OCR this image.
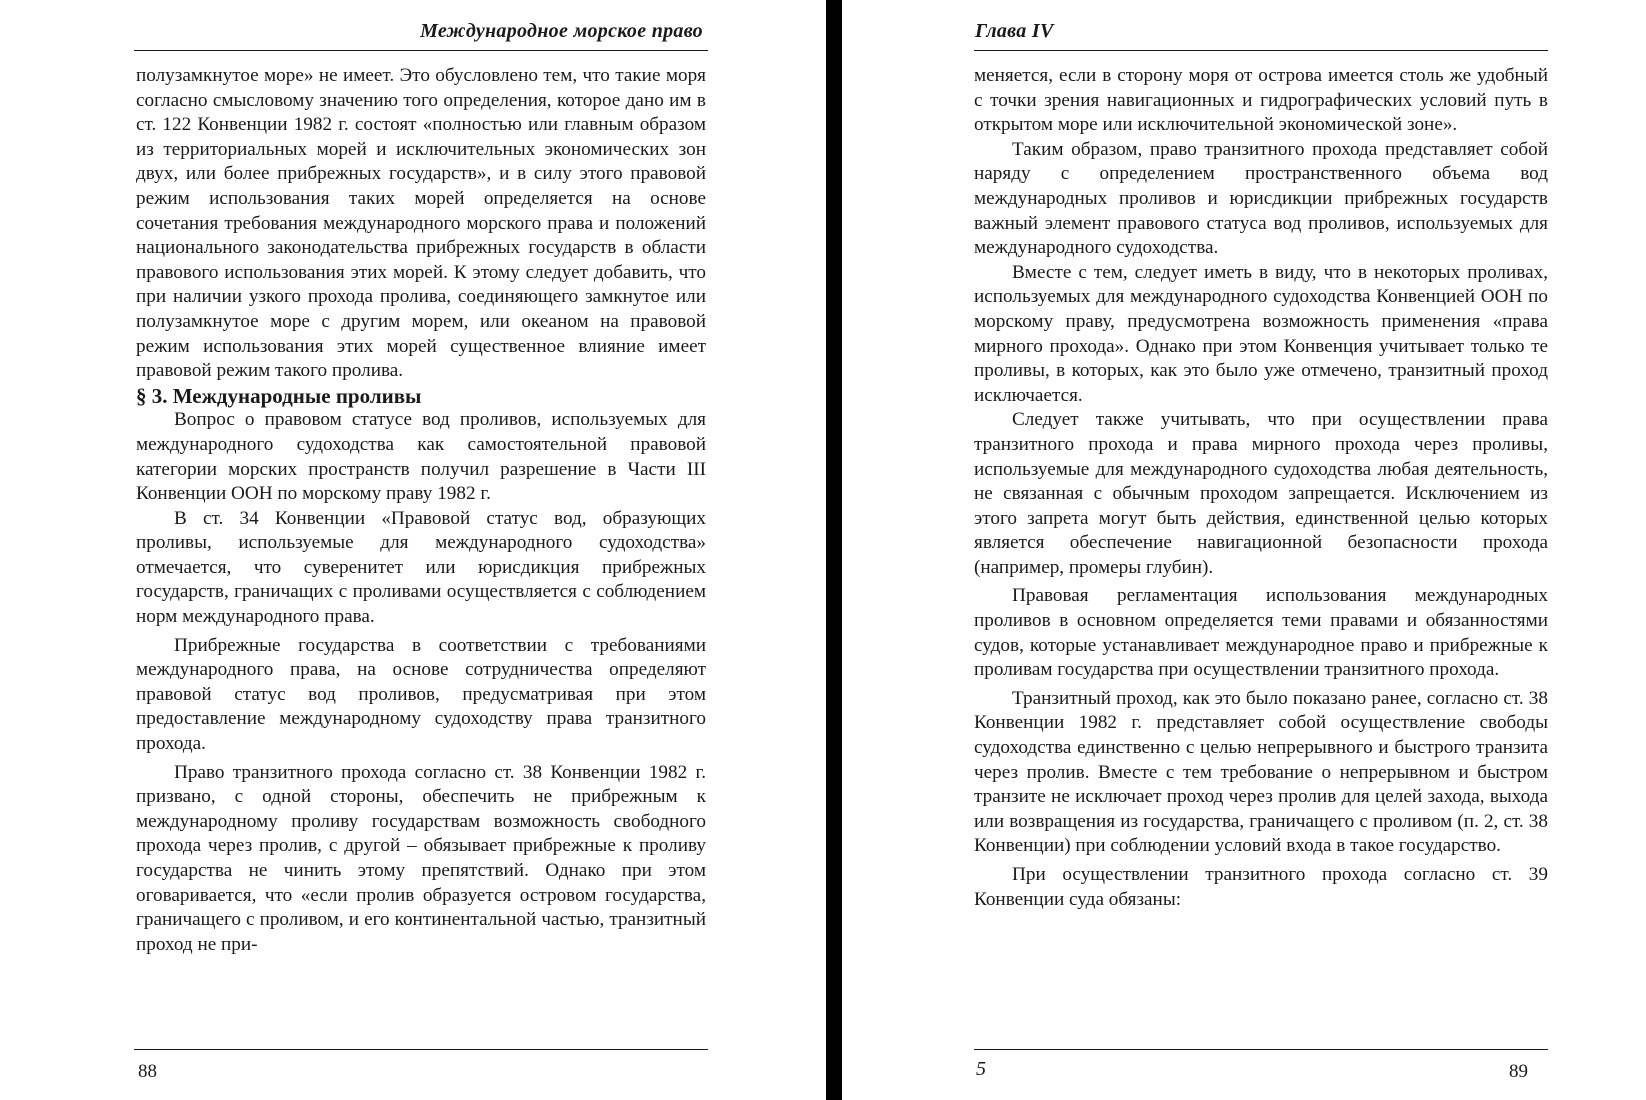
Международное морское право

полузамкнутое море» не имеет. Это обусловлено тем, что такие моря согласно смысловому значению того определения, которое дано им в ст. 122 Конвенции 1982 г. состоят «полностью или главным образом из территориальных морей и исключительных экономических зон двух, или более прибрежных государств», и в силу этого правовой режим использования таких морей определяется на основе сочетания требования международного морского права и положений национального законодательства прибрежных государств в области правового использования этих морей. К этому следует добавить, что при наличии узкого прохода пролива, соединяющего замкнутое или полузамкнутое море с другим морем, или океаном на правовой режим использования этих морей существенное влияние имеет правовой режим такого пролива.

§ 3. Международные проливы

Вопрос о правовом статусе вод проливов, используемых для международного судоходства как самостоятельной правовой категории морских пространств получил разрешение в Части III Конвенции ООН по морскому праву 1982 г.

В ст. 34 Конвенции «Правовой статус вод, образующих проливы, используемые для международного судоходства» отмечается, что суверенитет или юрисдикция прибрежных государств, граничащих с проливами осуществляется с соблюдением норм международного права.

Прибрежные государства в соответствии с требованиями международного права, на основе сотрудничества определяют правовой статус вод проливов, предусматривая при этом предоставление международному судоходству права транзитного прохода.

Право транзитного прохода согласно ст. 38 Конвенции 1982 г. призвано, с одной стороны, обеспечить не прибрежным к международному проливу государствам возможность свободного прохода через пролив, с другой – обязывает прибрежные к проливу государства не чинить этому препятствий. Однако при этом оговаривается, что «если пролив образуется островом государства, граничащего с проливом, и его континентальной частью, транзитный проход не при-

88
Глава IV

меняется, если в сторону моря от острова имеется столь же удобный с точки зрения навигационных и гидрографических условий путь в открытом море или исключительной экономической зоне».

Таким образом, право транзитного прохода представляет собой наряду с определением пространственного объема вод международных проливов и юрисдикции прибрежных государств важный элемент правового статуса вод проливов, используемых для международного судоходства.

Вместе с тем, следует иметь в виду, что в некоторых проливах, используемых для международного судоходства Конвенцией ООН по морскому праву, предусмотрена возможность применения «права мирного прохода». Однако при этом Конвенция учитывает только те проливы, в которых, как это было уже отмечено, транзитный проход исключается.

Следует также учитывать, что при осуществлении права транзитного прохода и права мирного прохода через проливы, используемые для международного судоходства любая деятельность, не связанная с обычным проходом запрещается. Исключением из этого запрета могут быть действия, единственной целью которых является обеспечение навигационной безопасности прохода (например, промеры глубин).

Правовая регламентация использования международных проливов в основном определяется теми правами и обязанностями судов, которые устанавливает международное право и прибрежные к проливам государства при осуществлении транзитного прохода.

Транзитный проход, как это было показано ранее, согласно ст. 38 Конвенции 1982 г. представляет собой осуществление свободы судоходства единственно с целью непрерывного и быстрого транзита через пролив. Вместе с тем требование о непрерывном и быстром транзите не исключает проход через пролив для целей захода, выхода или возвращения из государства, граничащего с проливом (п. 2, ст. 38 Конвенции) при соблюдении условий входа в такое государство.

При осуществлении транзитного прохода согласно ст. 39 Конвенции суда обязаны:

5	89
